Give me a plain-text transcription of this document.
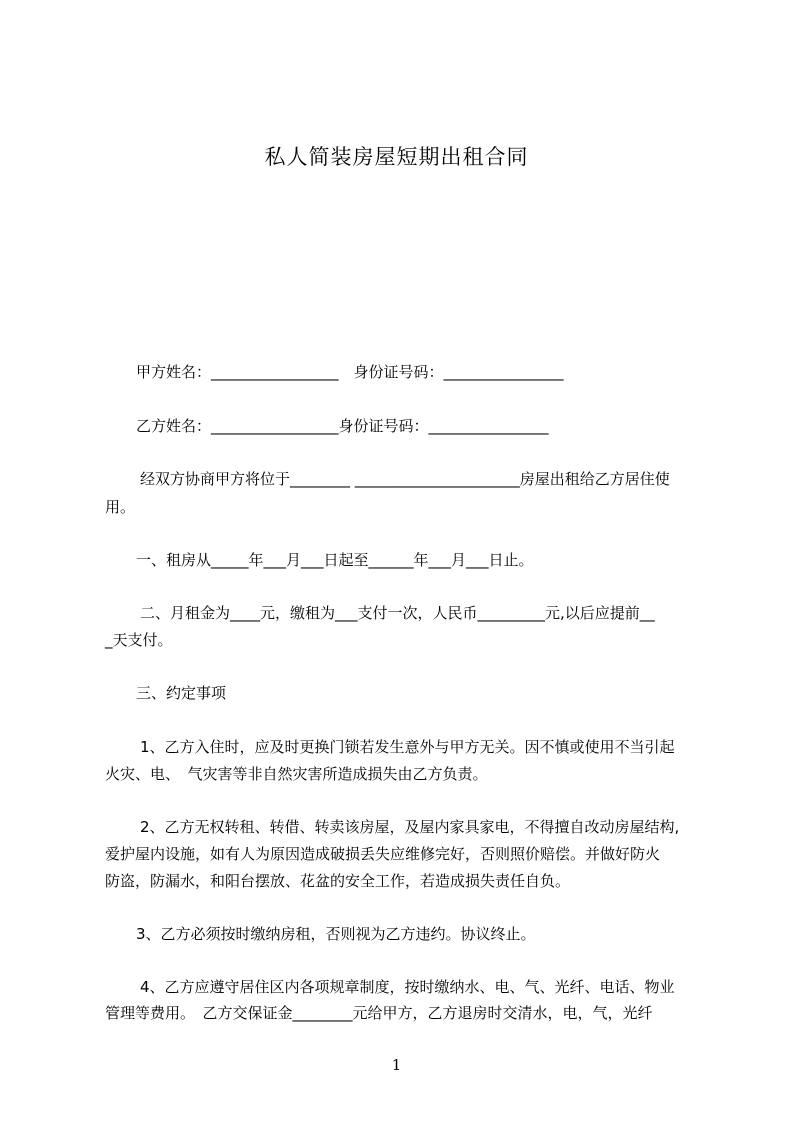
私人简装房屋短期出租合同
甲方姓名：_________________　身份证号码：________________
乙方姓名：_________________身份证号码：________________
经双方协商甲方将位于________ ______________________房屋出租给乙方居住使
用。
一、租房从_____年___月___日起至______年___月___日止。
二、月租金为____元，缴租为___支付一次，人民币_________元,以后应提前__
_天支付。
三、约定事项
1、乙方入住时，应及时更换门锁若发生意外与甲方无关。因不慎或使用不当引起
火灾、电、　气灾害等非自然灾害所造成损失由乙方负责。
2、乙方无权转租、转借、转卖该房屋，及屋内家具家电，不得擅自改动房屋结构,
爱护屋内设施，如有人为原因造成破损丢失应维修完好，否则照价赔偿。并做好防火
防盗，防漏水，和阳台摆放、花盆的安全工作，若造成损失责任自负。
3、乙方必须按时缴纳房租，否则视为乙方违约。协议终止。
4、乙方应遵守居住区内各项规章制度，按时缴纳水、电、气、光纤、电话、物业
管理等费用。　乙方交保证金________元给甲方，乙方退房时交清水，电，气，光纤
1
